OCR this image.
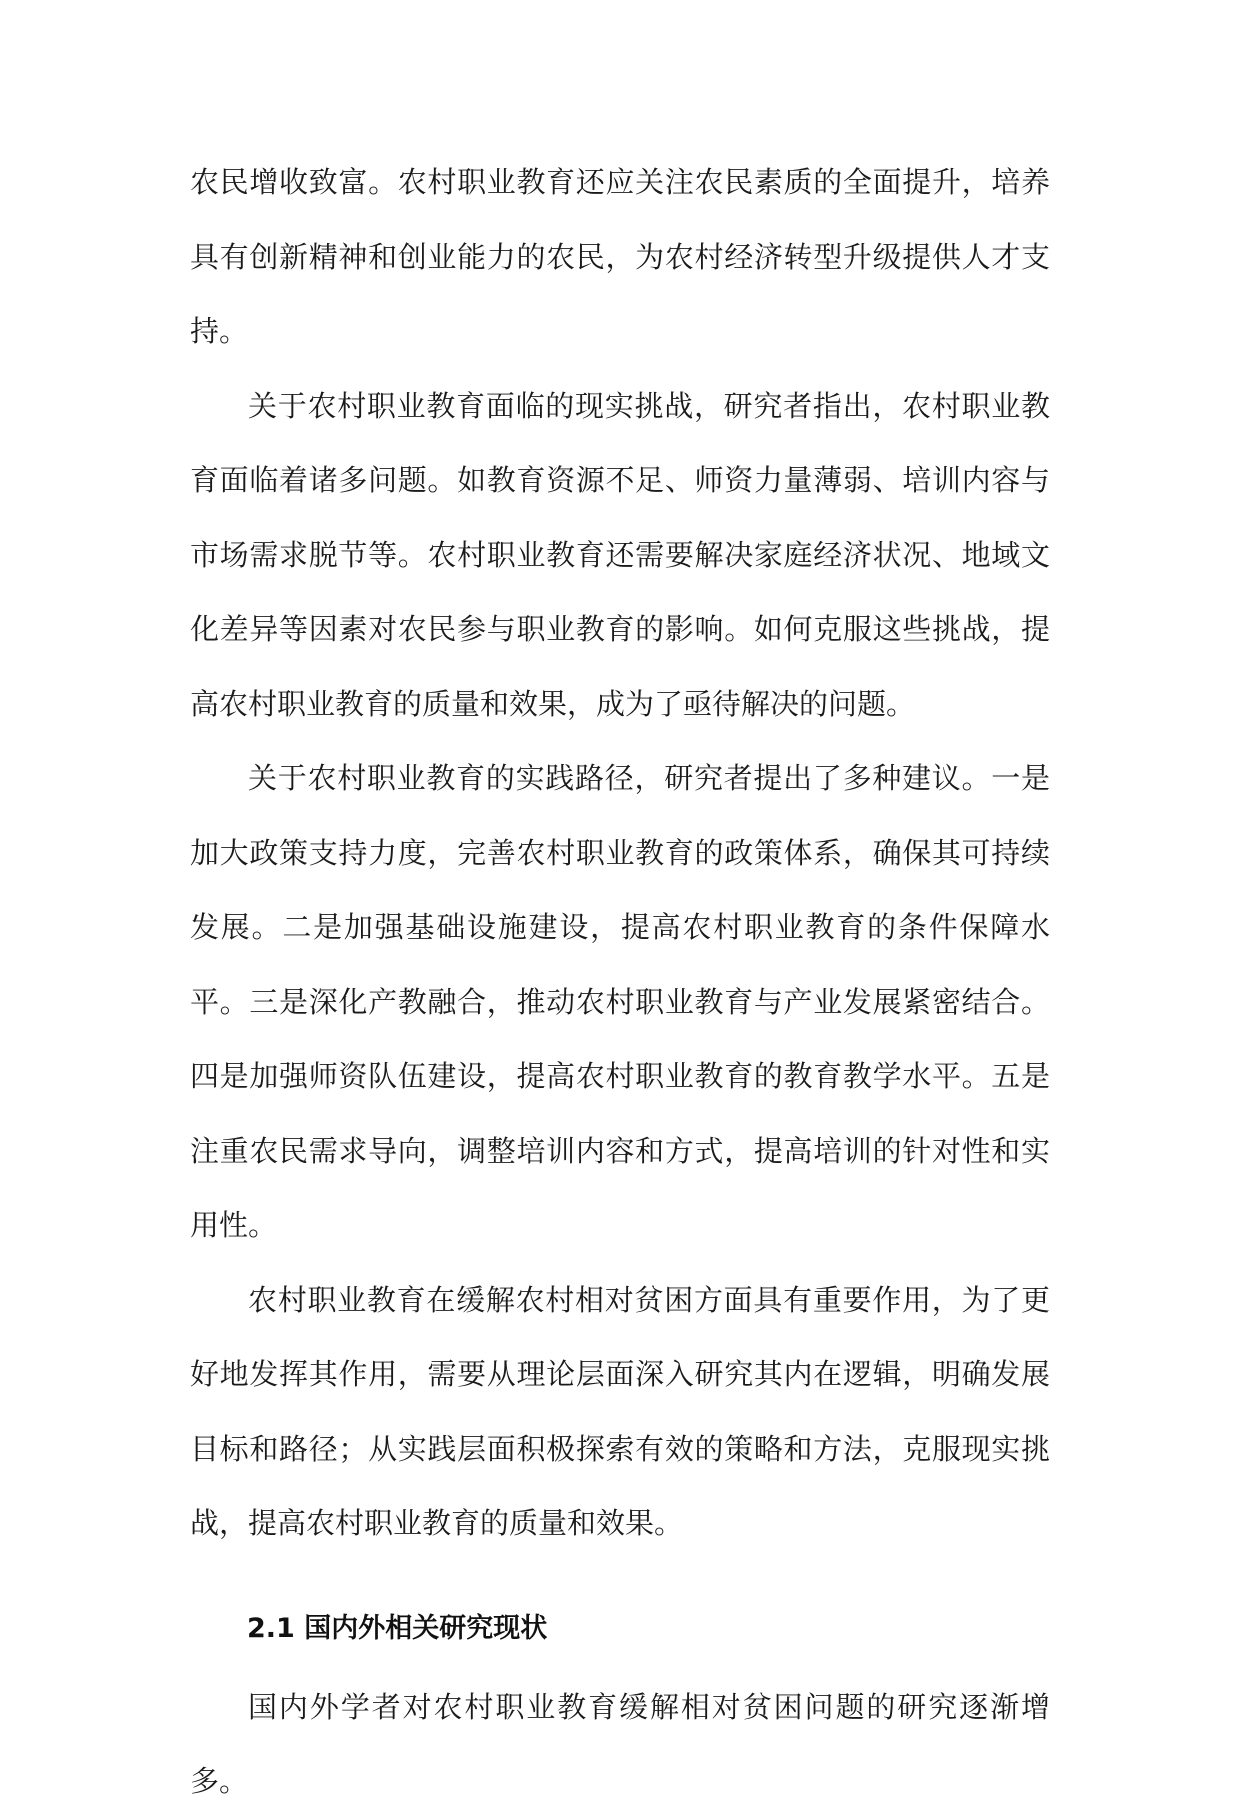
农民增收致富。农村职业教育还应关注农民素质的全面提升，培养具有创新精神和创业能力的农民，为农村经济转型升级提供人才支持。

关于农村职业教育面临的现实挑战，研究者指出，农村职业教育面临着诸多问题。如教育资源不足、师资力量薄弱、培训内容与市场需求脱节等。农村职业教育还需要解决家庭经济状况、地域文化差异等因素对农民参与职业教育的影响。如何克服这些挑战，提高农村职业教育的质量和效果，成为了亟待解决的问题。

关于农村职业教育的实践路径，研究者提出了多种建议。一是加大政策支持力度，完善农村职业教育的政策体系，确保其可持续发展。二是加强基础设施建设，提高农村职业教育的条件保障水平。三是深化产教融合，推动农村职业教育与产业发展紧密结合。四是加强师资队伍建设，提高农村职业教育的教育教学水平。五是注重农民需求导向，调整培训内容和方式，提高培训的针对性和实用性。

农村职业教育在缓解农村相对贫困方面具有重要作用，为了更好地发挥其作用，需要从理论层面深入研究其内在逻辑，明确发展目标和路径；从实践层面积极探索有效的策略和方法，克服现实挑战，提高农村职业教育的质量和效果。

2.1 国内外相关研究现状

国内外学者对农村职业教育缓解相对贫困问题的研究逐渐增多。
